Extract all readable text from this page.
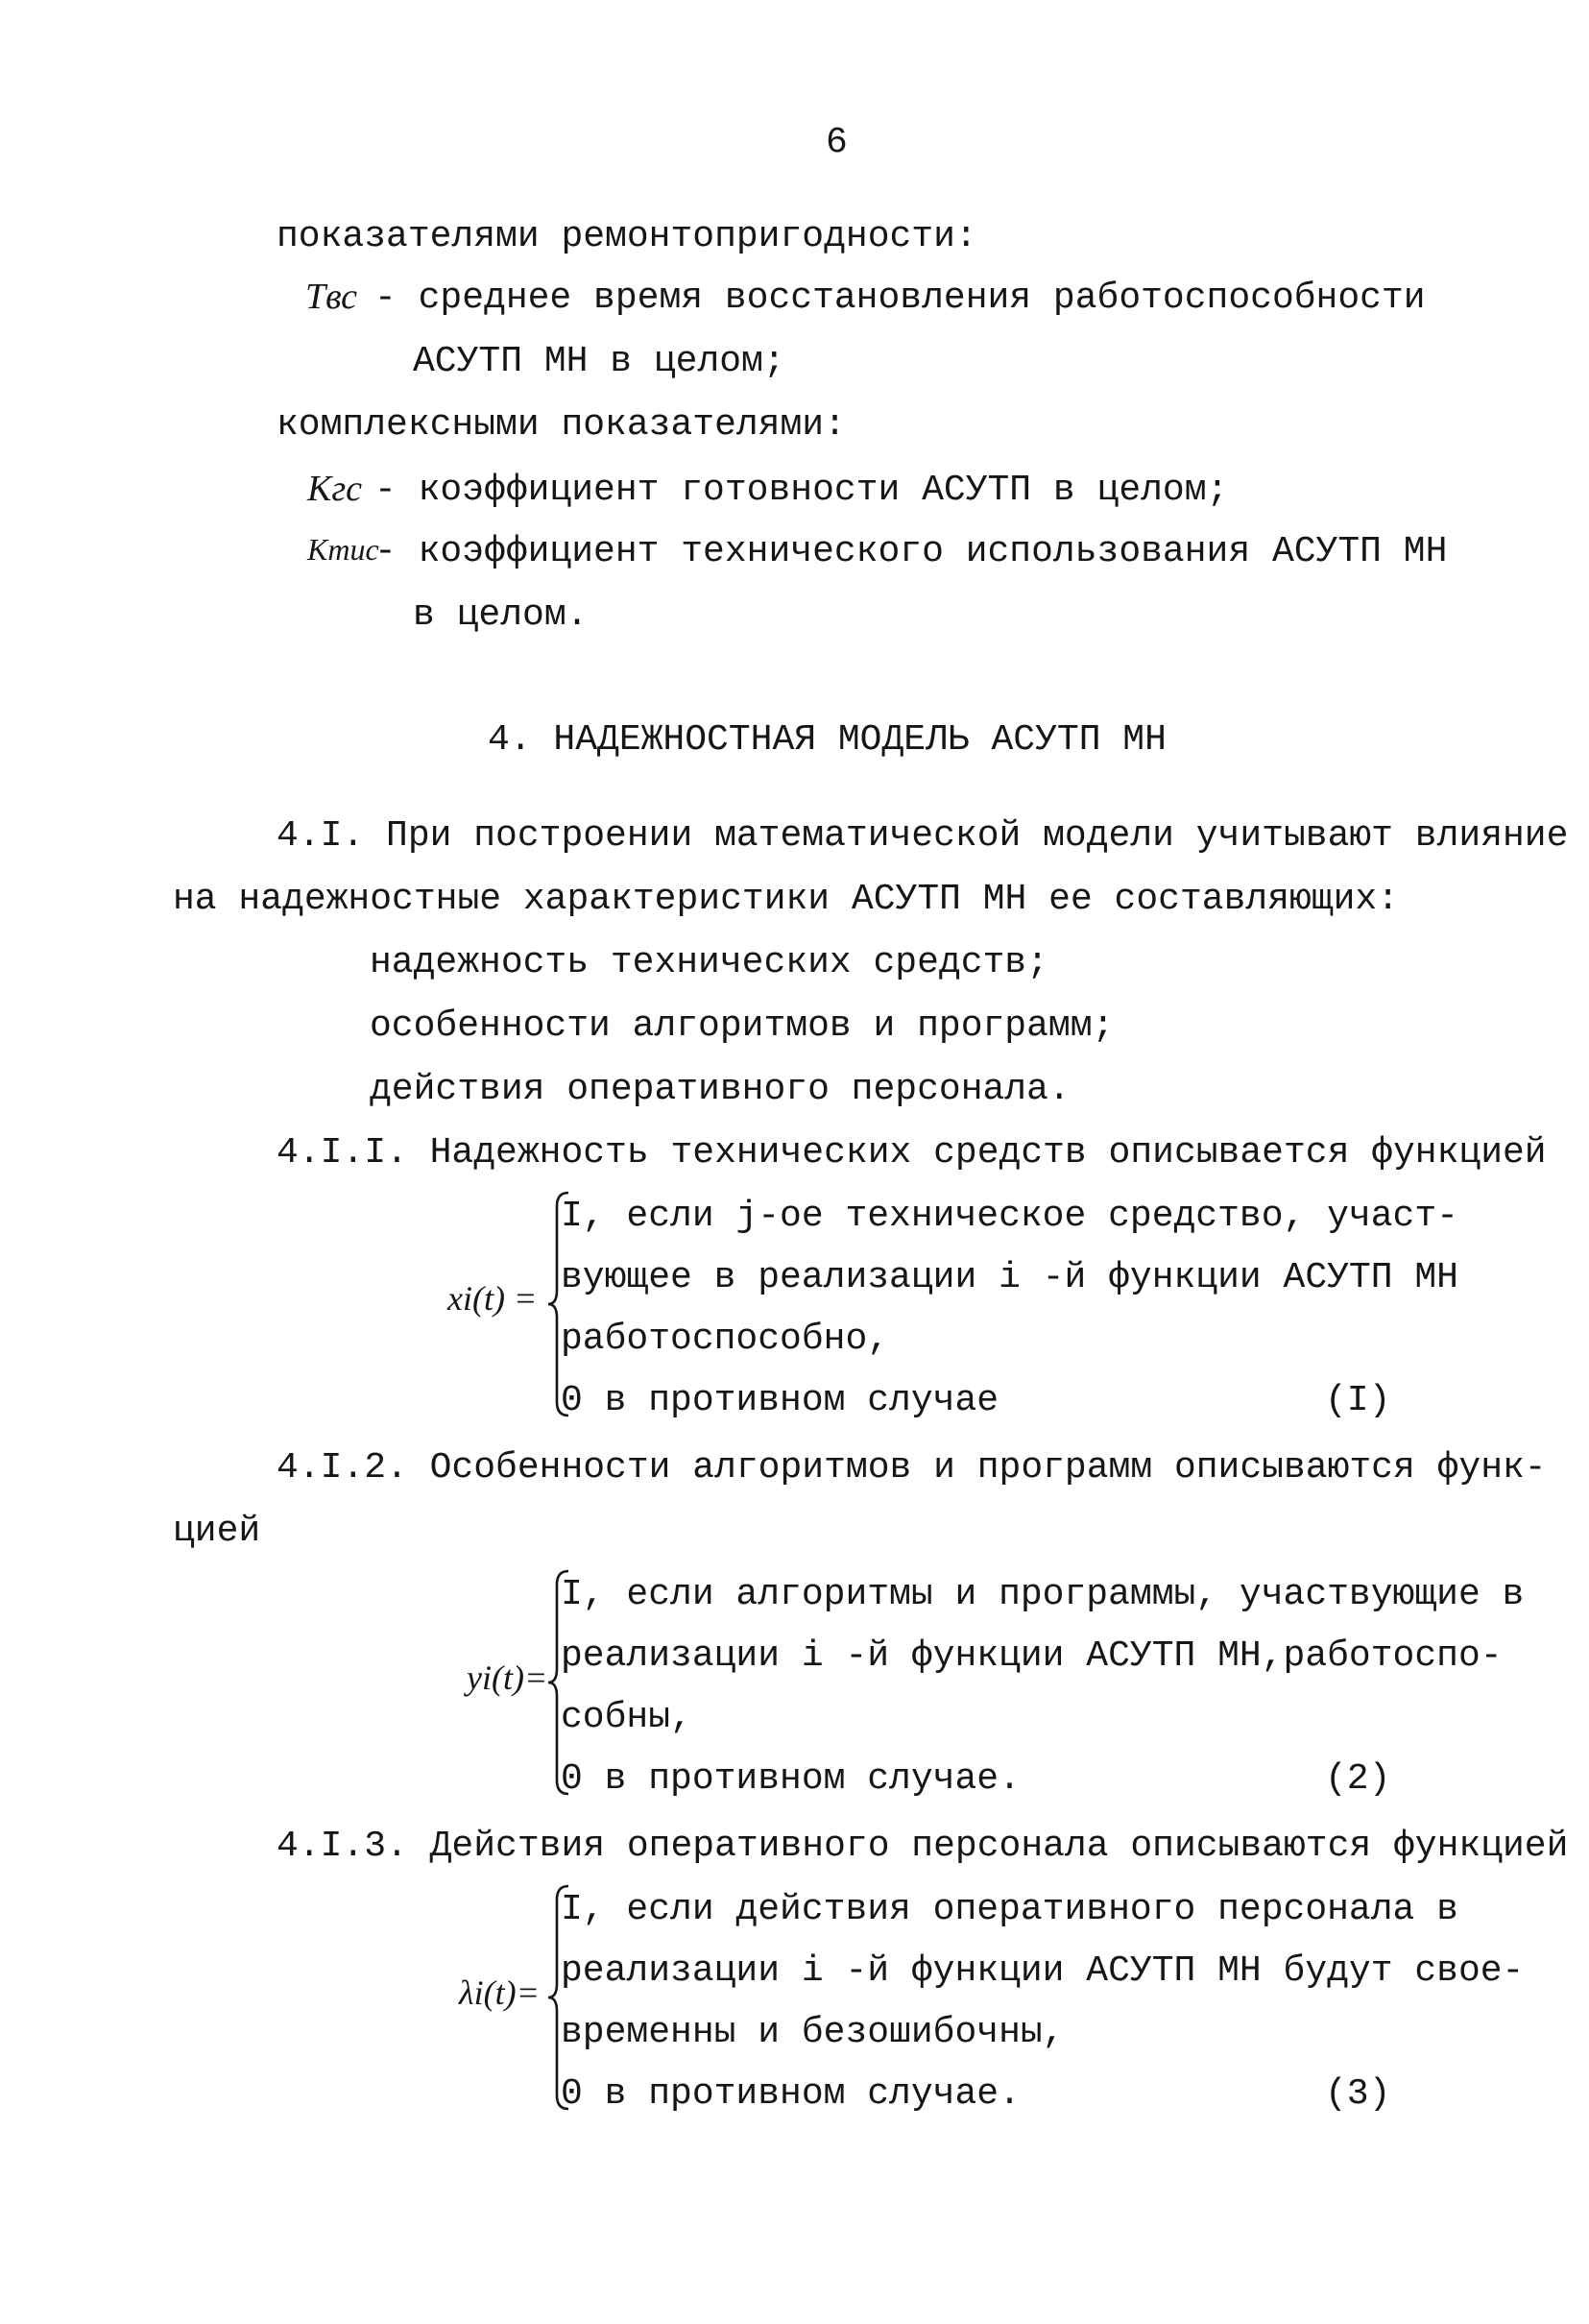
6
показателями ремонтопригодности:
Tвс - среднее время восстановления работоспособности
АСУТП МН в целом;
комплексными показателями:
Kгс - коэффициент готовности АСУТП в целом;
Kтис
- коэффициент технического использования АСУТП МН
в целом.
4. НАДЕЖНОСТНАЯ МОДЕЛЬ АСУТП МН
4.I. При построении математической модели учитывают влияние
на надежностные характеристики АСУТП МН ее составляющих:
надежность технических средств;
особенности алгоритмов и программ;
действия оперативного персонала.
4.I.I. Надежность технических средств описывается функцией
xi(t) =
I, если j-ое техническое средство, участ-
вующее в реализации i -й функции АСУТП МН
работоспособно,
0 в противном случае	(I)
4.I.2. Особенности алгоритмов и программ описываются функ-
цией
yi(t)=
I, если алгоритмы и программы, участвующие в
реализации i -й функции АСУТП МН,работоспо-
собны,
0 в противном случае.	(2)
4.I.3. Действия оперативного персонала описываются функцией
λi(t)=
I, если действия оперативного персонала в
реализации i -й функции АСУТП МН будут свое-
временны и безошибочны,
0 в противном случае.	(3)
